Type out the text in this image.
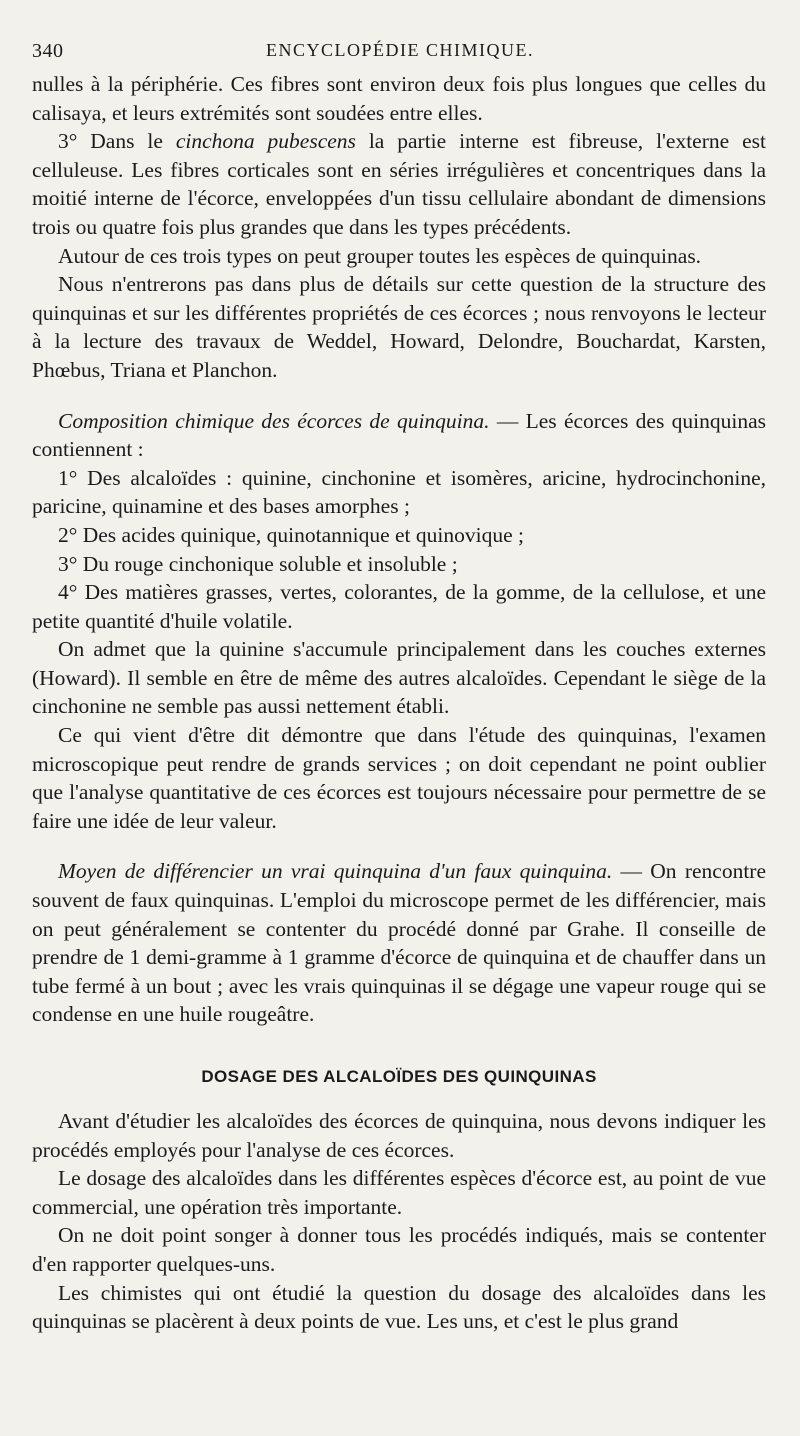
340	ENCYCLOPÉDIE CHIMIQUE.

nulles à la périphérie. Ces fibres sont environ deux fois plus longues que celles du calisaya, et leurs extrémités sont soudées entre elles.

3° Dans le cinchona pubescens la partie interne est fibreuse, l'externe est celluleuse. Les fibres corticales sont en séries irrégulières et concentriques dans la moitié interne de l'écorce, enveloppées d'un tissu cellulaire abondant de dimensions trois ou quatre fois plus grandes que dans les types précédents.

Autour de ces trois types on peut grouper toutes les espèces de quinquinas.

Nous n'entrerons pas dans plus de détails sur cette question de la structure des quinquinas et sur les différentes propriétés de ces écorces ; nous renvoyons le lecteur à la lecture des travaux de Weddel, Howard, Delondre, Bouchardat, Karsten, Phœbus, Triana et Planchon.

Composition chimique des écorces de quinquina. — Les écorces des quinquinas contiennent :

1° Des alcaloïdes : quinine, cinchonine et isomères, aricine, hydrocinchonine, paricine, quinamine et des bases amorphes ;

2° Des acides quinique, quinotannique et quinovique ;

3° Du rouge cinchonique soluble et insoluble ;

4° Des matières grasses, vertes, colorantes, de la gomme, de la cellulose, et une petite quantité d'huile volatile.

On admet que la quinine s'accumule principalement dans les couches externes (Howard). Il semble en être de même des autres alcaloïdes. Cependant le siège de la cinchonine ne semble pas aussi nettement établi.

Ce qui vient d'être dit démontre que dans l'étude des quinquinas, l'examen microscopique peut rendre de grands services ; on doit cependant ne point oublier que l'analyse quantitative de ces écorces est toujours nécessaire pour permettre de se faire une idée de leur valeur.

Moyen de différencier un vrai quinquina d'un faux quinquina. — On rencontre souvent de faux quinquinas. L'emploi du microscope permet de les différencier, mais on peut généralement se contenter du procédé donné par Grahe. Il conseille de prendre de 1 demi-gramme à 1 gramme d'écorce de quinquina et de chauffer dans un tube fermé à un bout ; avec les vrais quinquinas il se dégage une vapeur rouge qui se condense en une huile rougeâtre.

DOSAGE DES ALCALOÏDES DES QUINQUINAS

Avant d'étudier les alcaloïdes des écorces de quinquina, nous devons indiquer les procédés employés pour l'analyse de ces écorces.

Le dosage des alcaloïdes dans les différentes espèces d'écorce est, au point de vue commercial, une opération très importante.

On ne doit point songer à donner tous les procédés indiqués, mais se contenter d'en rapporter quelques-uns.

Les chimistes qui ont étudié la question du dosage des alcaloïdes dans les quinquinas se placèrent à deux points de vue. Les uns, et c'est le plus grand
